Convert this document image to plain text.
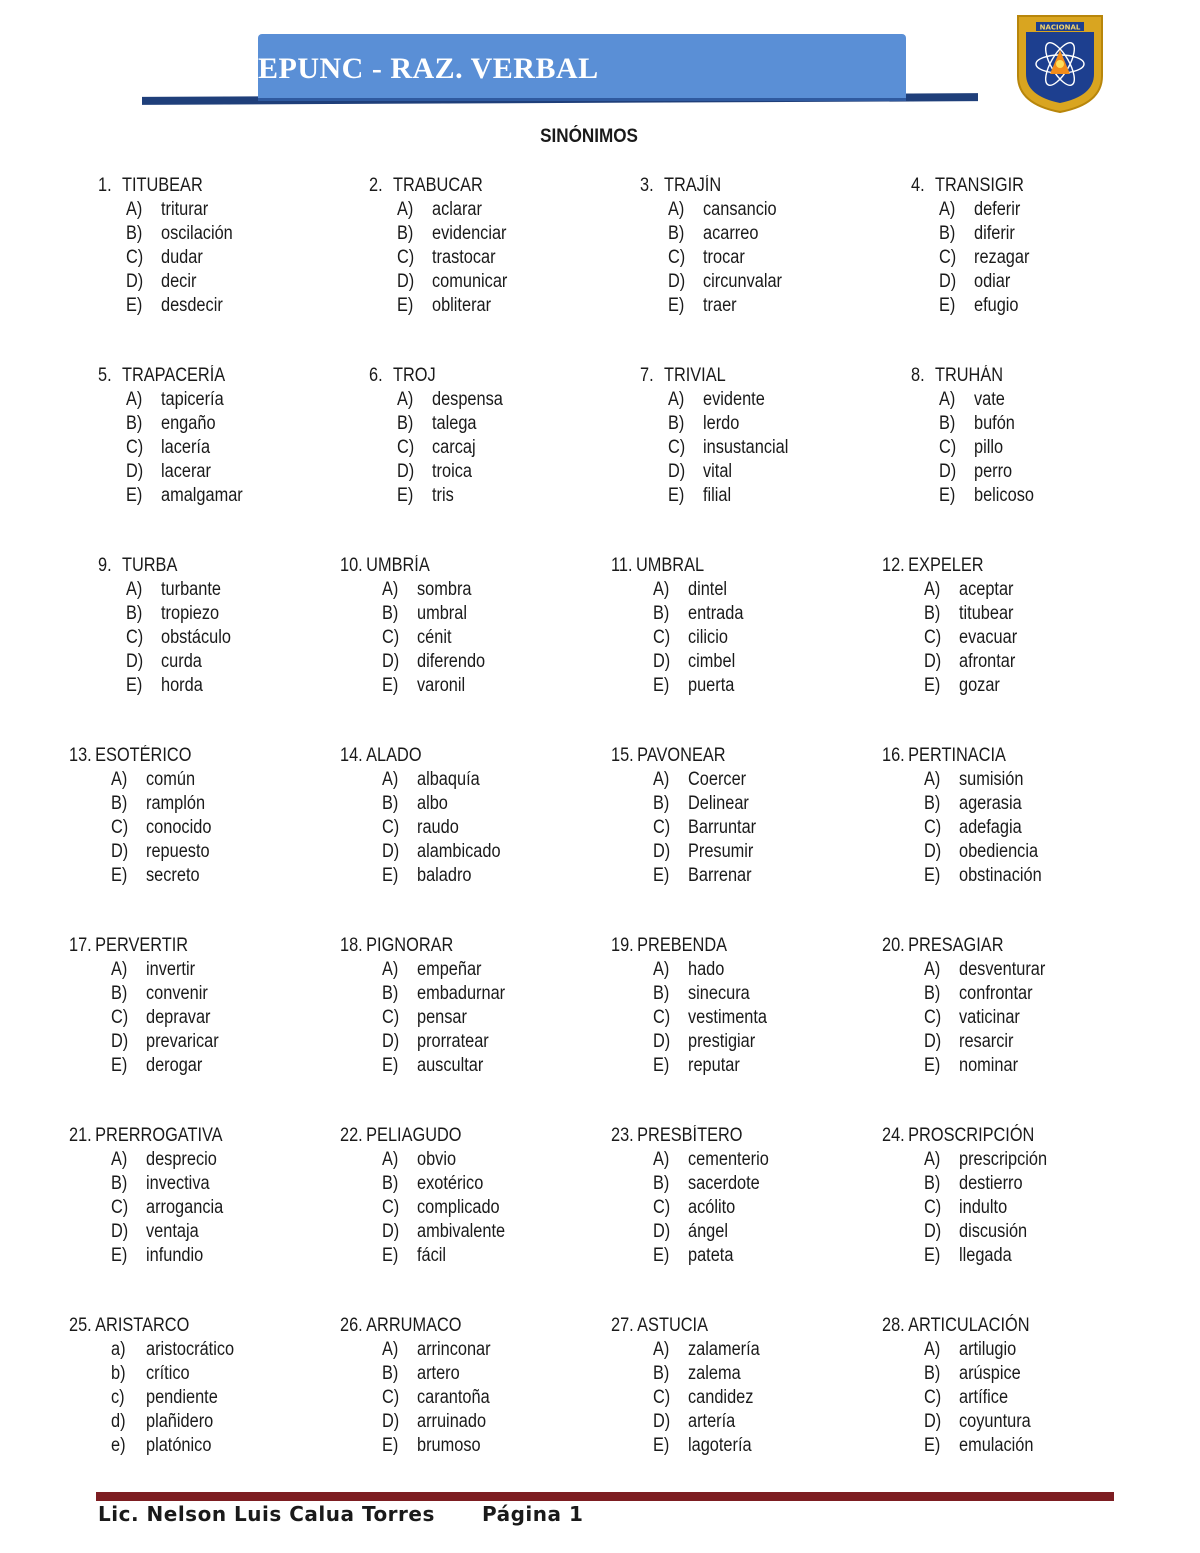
EPUNC - RAZ. VERBAL
NACIONAL
SINÓNIMOS
1. TITUBEAR
A) triturar
B) oscilación
C) dudar
D) decir
E) desdecir
2. TRABUCAR
A) aclarar
B) evidenciar
C) trastocar
D) comunicar
E) obliterar
3. TRAJÍN
A) cansancio
B) acarreo
C) trocar
D) circunvalar
E) traer
4. TRANSIGIR
A) deferir
B) diferir
C) rezagar
D) odiar
E) efugio
5. TRAPACERÍA
A) tapicería
B) engaño
C) lacería
D) lacerar
E) amalgamar
6. TROJ
A) despensa
B) talega
C) carcaj
D) troica
E) tris
7. TRIVIAL
A) evidente
B) lerdo
C) insustancial
D) vital
E) filial
8. TRUHÁN
A) vate
B) bufón
C) pillo
D) perro
E) belicoso
9. TURBA
A) turbante
B) tropiezo
C) obstáculo
D) curda
E) horda
10. UMBRÍA
A) sombra
B) umbral
C) cénit
D) diferendo
E) varonil
11. UMBRAL
A) dintel
B) entrada
C) cilicio
D) cimbel
E) puerta
12. EXPELER
A) aceptar
B) titubear
C) evacuar
D) afrontar
E) gozar
13. ESOTÉRICO
A) común
B) ramplón
C) conocido
D) repuesto
E) secreto
14. ALADO
A) albaquía
B) albo
C) raudo
D) alambicado
E) baladro
15. PAVONEAR
A) Coercer
B) Delinear
C) Barruntar
D) Presumir
E) Barrenar
16. PERTINACIA
A) sumisión
B) agerasia
C) adefagia
D) obediencia
E) obstinación
17. PERVERTIR
A) invertir
B) convenir
C) depravar
D) prevaricar
E) derogar
18. PIGNORAR
A) empeñar
B) embadurnar
C) pensar
D) prorratear
E) auscultar
19. PREBENDA
A) hado
B) sinecura
C) vestimenta
D) prestigiar
E) reputar
20. PRESAGIAR
A) desventurar
B) confrontar
C) vaticinar
D) resarcir
E) nominar
21. PRERROGATIVA
A) desprecio
B) invectiva
C) arrogancia
D) ventaja
E) infundio
22. PELIAGUDO
A) obvio
B) exotérico
C) complicado
D) ambivalente
E) fácil
23. PRESBÍTERO
A) cementerio
B) sacerdote
C) acólito
D) ángel
E) pateta
24. PROSCRIPCIÓN
A) prescripción
B) destierro
C) indulto
D) discusión
E) llegada
25. ARISTARCO
a) aristocrático
b) crítico
c) pendiente
d) plañidero
e) platónico
26. ARRUMACO
A) arrinconar
B) artero
C) carantoña
D) arruinado
E) brumoso
27. ASTUCIA
A) zalamería
B) zalema
C) candidez
D) artería
E) lagotería
28. ARTICULACIÓN
A) artilugio
B) arúspice
C) artífice
D) coyuntura
E) emulación
Lic. Nelson Luis Calua Torres Página 1
